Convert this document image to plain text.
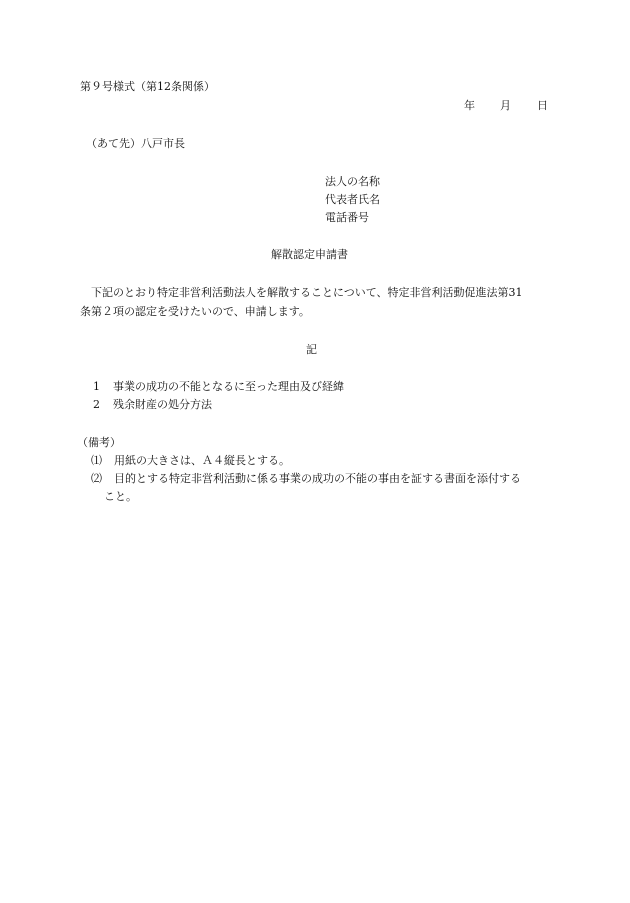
第９号様式（第12条関係）
年 月 日
（あて先）八戸市長
法人の名称
代表者氏名
電話番号
解散認定申請書
下記のとおり特定非営利活動法人を解散することについて、特定非営利活動促進法第31
条第２項の認定を受けたいので、申請します。
記
1 事業の成功の不能となるに至った理由及び経緯
2 残余財産の処分方法
（備考）
⑴ 用紙の大きさは、Ａ４縦長とする。
⑵ 目的とする特定非営利活動に係る事業の成功の不能の事由を証する書面を添付する
こと。
